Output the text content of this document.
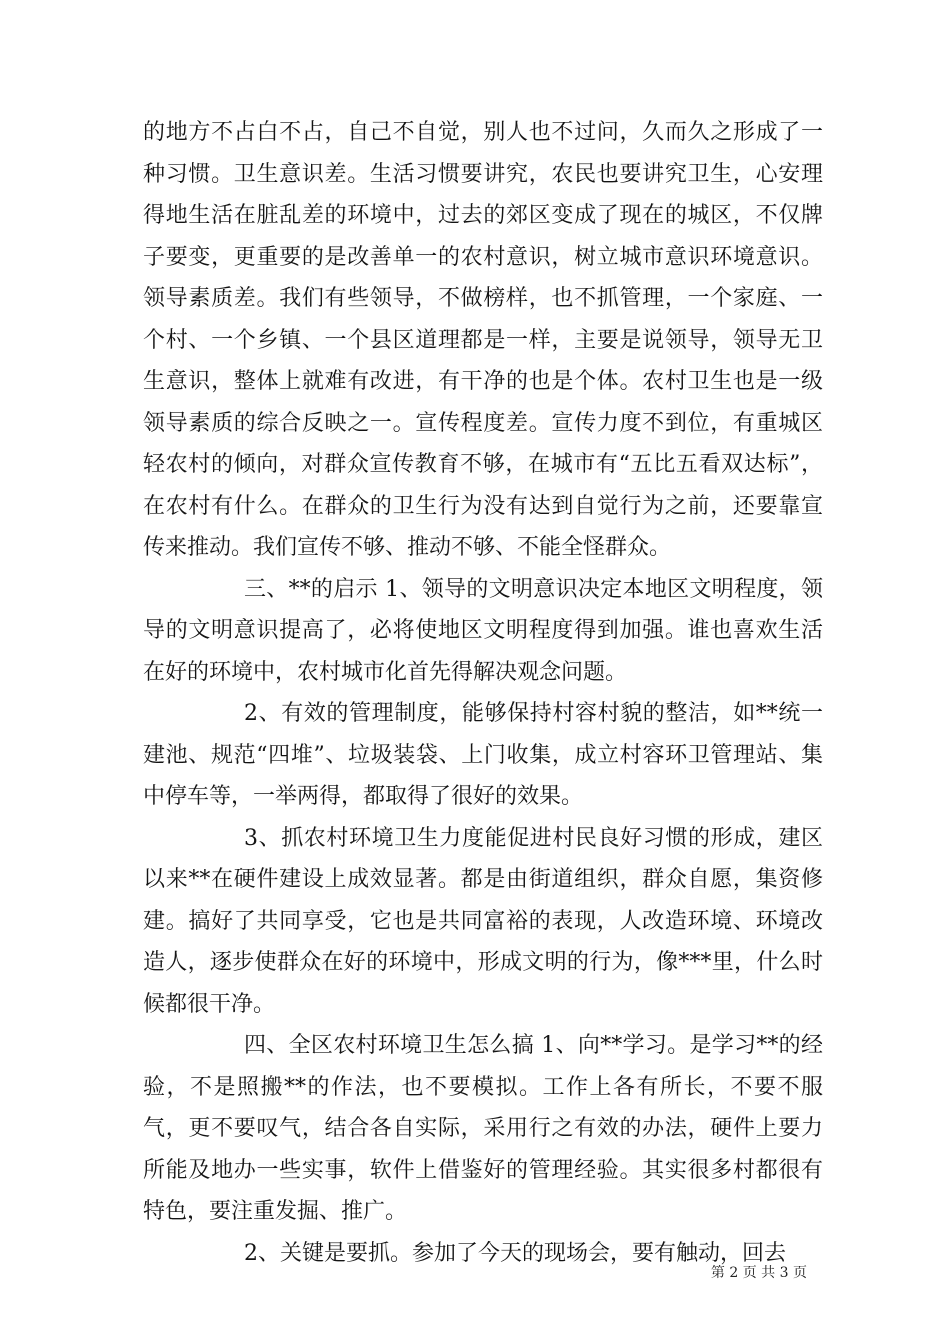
的地方不占白不占，自己不自觉，别人也不过问，久而久之形成了一种习惯。卫生意识差。生活习惯要讲究，农民也要讲究卫生，心安理得地生活在脏乱差的环境中，过去的郊区变成了现在的城区，不仅牌子要变，更重要的是改善单一的农村意识，树立城市意识环境意识。领导素质差。我们有些领导，不做榜样，也不抓管理，一个家庭、一个村、一个乡镇、一个县区道理都是一样，主要是说领导，领导无卫生意识，整体上就难有改进，有干净的也是个体。农村卫生也是一级领导素质的综合反映之一。宣传程度差。宣传力度不到位，有重城区轻农村的倾向，对群众宣传教育不够，在城市有“五比五看双达标”，在农村有什么。在群众的卫生行为没有达到自觉行为之前，还要靠宣传来推动。我们宣传不够、推动不够、不能全怪群众。

三、**的启示 1、领导的文明意识决定本地区文明程度，领导的文明意识提高了，必将使地区文明程度得到加强。谁也喜欢生活在好的环境中，农村城市化首先得解决观念问题。

2、有效的管理制度，能够保持村容村貌的整洁，如**统一建池、规范“四堆”、垃圾装袋、上门收集，成立村容环卫管理站、集中停车等，一举两得，都取得了很好的效果。

3、抓农村环境卫生力度能促进村民良好习惯的形成，建区以来**在硬件建设上成效显著。都是由街道组织，群众自愿，集资修建。搞好了共同享受，它也是共同富裕的表现，人改造环境、环境改造人，逐步使群众在好的环境中，形成文明的行为，像***里，什么时候都很干净。

四、全区农村环境卫生怎么搞 1、向**学习。是学习**的经验，不是照搬**的作法，也不要模拟。工作上各有所长，不要不服气，更不要叹气，结合各自实际，采用行之有效的办法，硬件上要力所能及地办一些实事，软件上借鉴好的管理经验。其实很多村都很有特色，要注重发掘、推广。

2、关键是要抓。参加了今天的现场会，要有触动，回去

第 2 页 共 3 页
